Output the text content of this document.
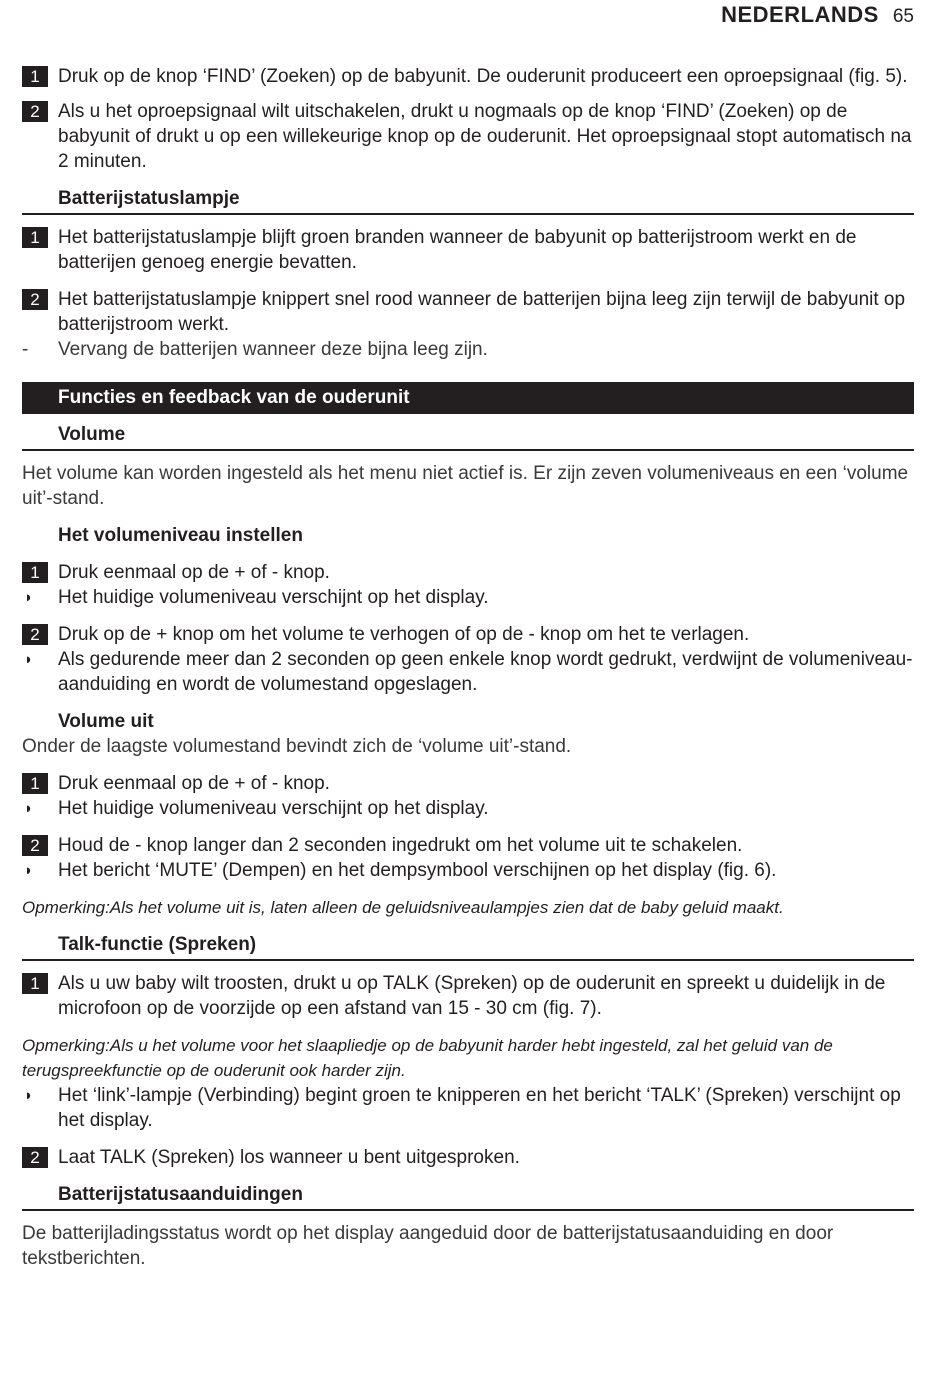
NEDERLANDS 65
1 Druk op de knop ‘FIND’ (Zoeken) op de babyunit. De ouderunit produceert een oproepsignaal (fig. 5).
2 Als u het oproepsignaal wilt uitschakelen, drukt u nogmaals op de knop ‘FIND’ (Zoeken) op de babyunit of drukt u op een willekeurige knop op de ouderunit. Het oproepsignaal stopt automatisch na 2 minuten.
Batterijstatuslampje
1 Het batterijstatuslampje blijft groen branden wanneer de babyunit op batterijstroom werkt en de batterijen genoeg energie bevatten.
2 Het batterijstatuslampje knippert snel rood wanneer de batterijen bijna leeg zijn terwijl de babyunit op batterijstroom werkt.
-	Vervang de batterijen wanneer deze bijna leeg zijn.
Functies en feedback van de ouderunit
Volume
Het volume kan worden ingesteld als het menu niet actief is. Er zijn zeven volumeniveaus en een ‘volume uit’-stand.
Het volumeniveau instellen
1 Druk eenmaal op de + of - knop.
◗	Het huidige volumeniveau verschijnt op het display.
2 Druk op de + knop om het volume te verhogen of op de - knop om het te verlagen.
◗	Als gedurende meer dan 2 seconden op geen enkele knop wordt gedrukt, verdwijnt de volumeniveau-aanduiding en wordt de volumestand opgeslagen.
Volume uit
Onder de laagste volumestand bevindt zich de ‘volume uit’-stand.
1 Druk eenmaal op de + of - knop.
◗	Het huidige volumeniveau verschijnt op het display.
2 Houd de - knop langer dan 2 seconden ingedrukt om het volume uit te schakelen.
◗	Het bericht ‘MUTE’ (Dempen) en het dempsymbool verschijnen op het display (fig. 6).
Opmerking:Als het volume uit is, laten alleen de geluidsniveaulampjes zien dat de baby geluid maakt.
Talk-functie (Spreken)
1 Als u uw baby wilt troosten, drukt u op TALK (Spreken) op de ouderunit en spreekt u duidelijk in de microfoon op de voorzijde op een afstand van 15 - 30 cm (fig. 7).
Opmerking:Als u het volume voor het slaapliedje op de babyunit harder hebt ingesteld, zal het geluid van de terugspreekfunctie op de ouderunit ook harder zijn.
◗	Het ‘link’-lampje (Verbinding) begint groen te knipperen en het bericht ‘TALK’ (Spreken) verschijnt op het display.
2 Laat TALK (Spreken) los wanneer u bent uitgesproken.
Batterijstatusaanduidingen
De batterijladingsstatus wordt op het display aangeduid door de batterijstatusaanduiding en door tekstberichten.
